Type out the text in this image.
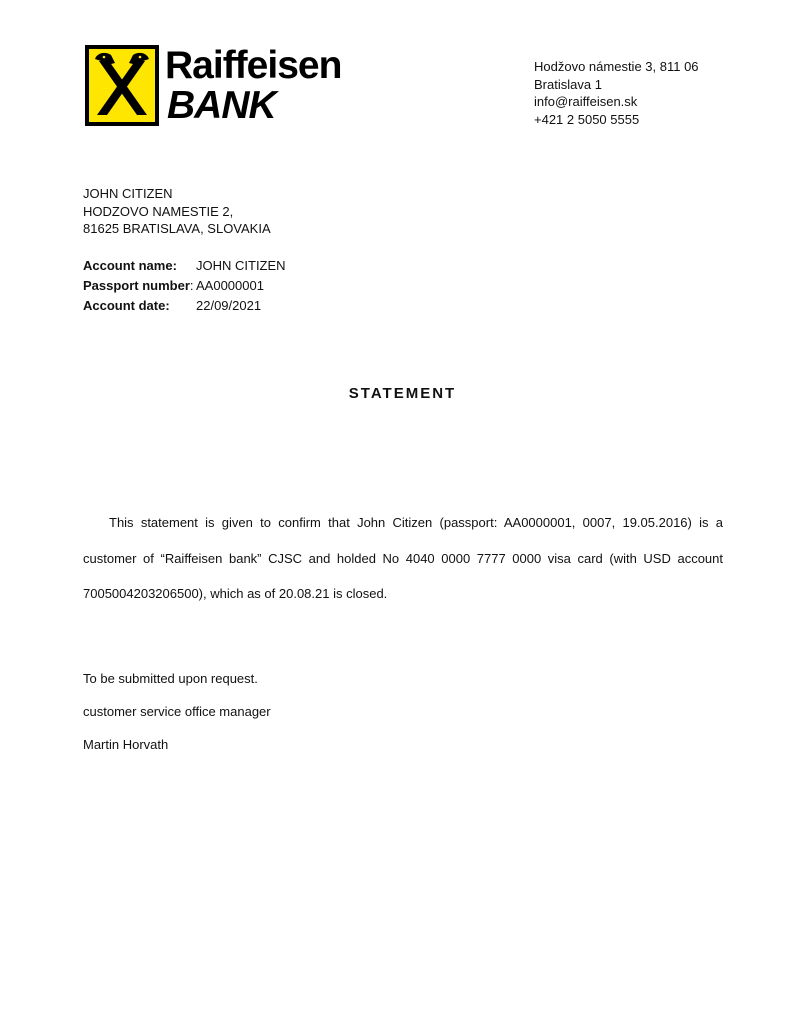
Raiffeisen
BANK
Hodžovo námestie 3, 811 06
Bratislava 1
info@raiffeisen.sk
+421 2 5050 5555
JOHN CITIZEN
HODZOVO NAMESTIE 2,
81625 BRATISLAVA, SLOVAKIA
Account name: JOHN CITIZEN
Passport number: AA0000001
Account date: 22/09/2021
STATEMENT
This statement is given to confirm that John Citizen (passport: AA0000001, 0007, 19.05.2016) is a customer of “Raiffeisen bank” CJSC and holded No 4040 0000 7777 0000 visa card (with USD account 7005004203206500), which as of 20.08.21 is closed.
To be submitted upon request.
customer service office manager
Martin Horvath
